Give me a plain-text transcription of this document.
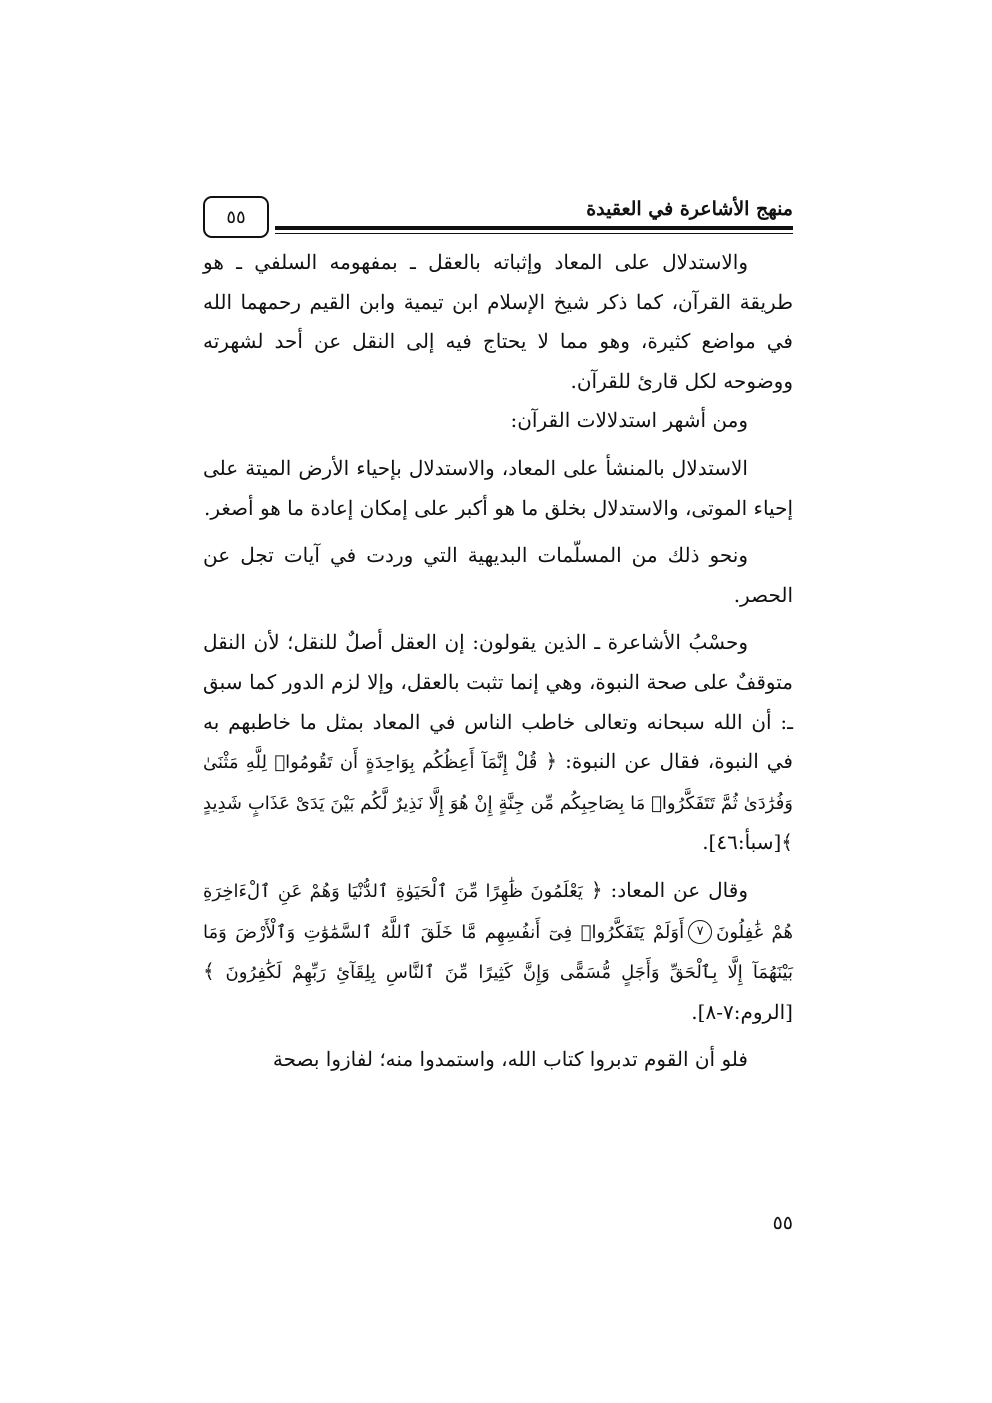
٥٥	منهج الأشاعرة في العقيدة

والاستدلال على المعاد وإثباته بالعقل ـ بمفهومه السلفي ـ هو طريقة القرآن، كما ذكر شيخ الإسلام ابن تيمية وابن القيم رحمهما الله في مواضع كثيرة، وهو مما لا يحتاج فيه إلى النقل عن أحد لشهرته ووضوحه لكل قارئ للقرآن.

ومن أشهر استدلالات القرآن:

الاستدلال بالمنشأ على المعاد، والاستدلال بإحياء الأرض الميتة على إحياء الموتى، والاستدلال بخلق ما هو أكبر على إمكان إعادة ما هو أصغر.

ونحو ذلك من المسلّمات البديهية التي وردت في آيات تجل عن الحصر.

وحسْبُ الأشاعرة ـ الذين يقولون: إن العقل أصلٌ للنقل؛ لأن النقل متوقفٌ على صحة النبوة، وهي إنما تثبت بالعقل، وإلا لزم الدور كما سبق ـ: أن الله سبحانه وتعالى خاطب الناس في المعاد بمثل ما خاطبهم به في النبوة، فقال عن النبوة: ﴿ قُلْ إِنَّمَآ أَعِظُكُم بِوَاحِدَةٍ أَن تَقُومُوا۟ لِلَّهِ مَثْنَىٰ وَفُرَٰدَىٰ ثُمَّ تَتَفَكَّرُوا۟ مَا بِصَاحِبِكُم مِّن جِنَّةٍ إِنْ هُوَ إِلَّا نَذِيرٌ لَّكُم بَيْنَ يَدَىْ عَذَابٍ شَدِيدٍ ﴾[سبأ:٤٦].

وقال عن المعاد: ﴿ يَعْلَمُونَ ظَٰهِرًا مِّنَ ٱلْحَيَوٰةِ ٱلدُّنْيَا وَهُمْ عَنِ ٱلْءَاخِرَةِ هُمْ غَٰفِلُونَ٧أَوَلَمْ يَتَفَكَّرُوا۟ فِىٓ أَنفُسِهِم مَّا خَلَقَ ٱللَّهُ ٱلسَّمَٰوَٰتِ وَٱلْأَرْضَ وَمَا بَيْنَهُمَآ إِلَّا بِٱلْحَقِّ وَأَجَلٍ مُّسَمًّى وَإِنَّ كَثِيرًا مِّنَ ٱلنَّاسِ بِلِقَآئِ رَبِّهِمْ لَكَٰفِرُونَ ﴾[الروم:٧-٨].

فلو أن القوم تدبروا كتاب الله، واستمدوا منه؛ لفازوا بصحة

٥٥
